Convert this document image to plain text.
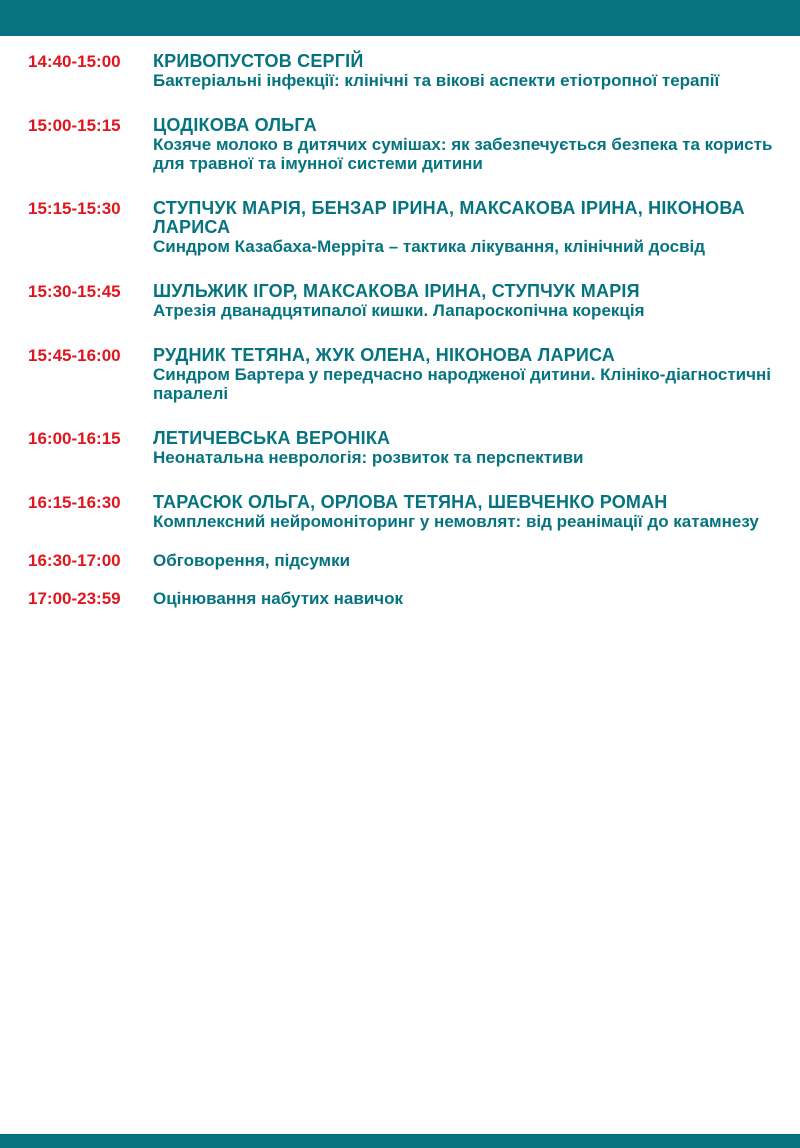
14:40-15:00	КРИВОПУСТОВ СЕРГІЙ
Бактеріальні інфекції: клінічні та вікові аспекти етіотропної терапії
15:00-15:15	ЦОДІКОВА ОЛЬГА
Козяче молоко в дитячих сумішах: як забезпечується безпека та користь для травної та імунної системи дитини
15:15-15:30	СТУПЧУК МАРІЯ, БЕНЗАР ІРИНА, МАКСАКОВА ІРИНА, НІКОНОВА ЛАРИСА
Синдром Казабаха-Мерріта – тактика лікування, клінічний досвід
15:30-15:45	ШУЛЬЖИК ІГОР, МАКСАКОВА ІРИНА, СТУПЧУК МАРІЯ
Атрезія дванадцятипалої кишки. Лапароскопічна корекція
15:45-16:00	РУДНИК ТЕТЯНА, ЖУК ОЛЕНА, НІКОНОВА ЛАРИСА
Синдром Бартера у передчасно народженої дитини. Клініко-діагностичні паралелі
16:00-16:15	ЛЕТИЧЕВСЬКА ВЕРОНІКА
Неонатальна неврологія: розвиток та перспективи
16:15-16:30	ТАРАСЮК ОЛЬГА, ОРЛОВА ТЕТЯНА, ШЕВЧЕНКО РОМАН
Комплексний нейромоніторинг у немовлят: від реанімації до катамнезу
16:30-17:00	Обговорення, підсумки
17:00-23:59	Оцінювання набутих навичок
